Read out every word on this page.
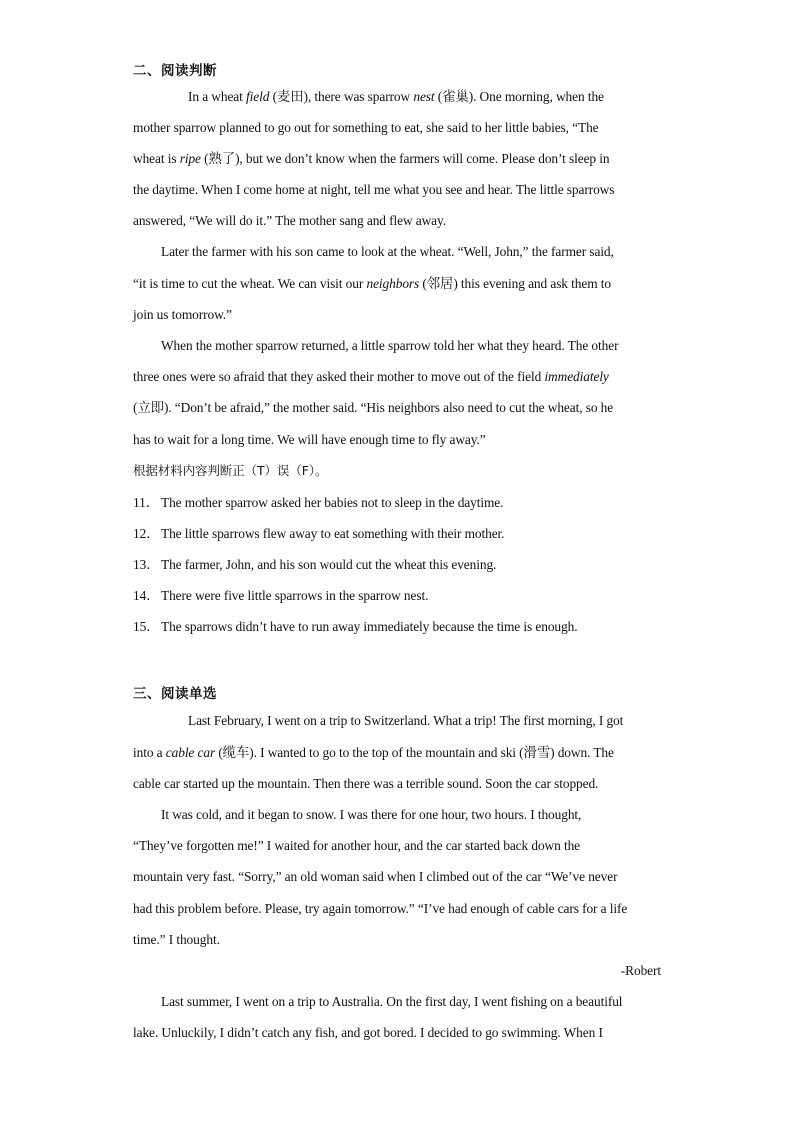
二、阅读判断
In a wheat field (麦田), there was sparrow nest (雀巢). One morning, when the
mother sparrow planned to go out for something to eat, she said to her little babies, “The
wheat is ripe (熟了), but we don’t know when the farmers will come. Please don’t sleep in
the daytime. When I come home at night, tell me what you see and hear. The little sparrows
answered, “We will do it.” The mother sang and flew away.
Later the farmer with his son came to look at the wheat. “Well, John,” the farmer said,
“it is time to cut the wheat. We can visit our neighbors (邻居) this evening and ask them to
join us tomorrow.”
When the mother sparrow returned, a little sparrow told her what they heard. The other
three ones were so afraid that they asked their mother to move out of the field immediately
(立即). “Don’t be afraid,” the mother said. “His neighbors also need to cut the wheat, so he
has to wait for a long time. We will have enough time to fly away.”
根据材料内容判断正（T）误（F）。
11． The mother sparrow asked her babies not to sleep in the daytime.
12． The little sparrows flew away to eat something with their mother.
13． The farmer, John, and his son would cut the wheat this evening.
14． There were five little sparrows in the sparrow nest.
15． The sparrows didn’t have to run away immediately because the time is enough.
三、阅读单选
Last February, I went on a trip to Switzerland. What a trip! The first morning, I got
into a cable car (缆车). I wanted to go to the top of the mountain and ski (滑雪) down. The
cable car started up the mountain. Then there was a terrible sound. Soon the car stopped.
It was cold, and it began to snow. I was there for one hour, two hours. I thought,
“They’ve forgotten me!” I waited for another hour, and the car started back down the
mountain very fast. “Sorry,” an old woman said when I climbed out of the car “We’ve never
had this problem before. Please, try again tomorrow.” “I’ve had enough of cable cars for a life
time.” I thought.
-Robert
Last summer, I went on a trip to Australia. On the first day, I went fishing on a beautiful
lake. Unluckily, I didn’t catch any fish, and got bored. I decided to go swimming. When I
